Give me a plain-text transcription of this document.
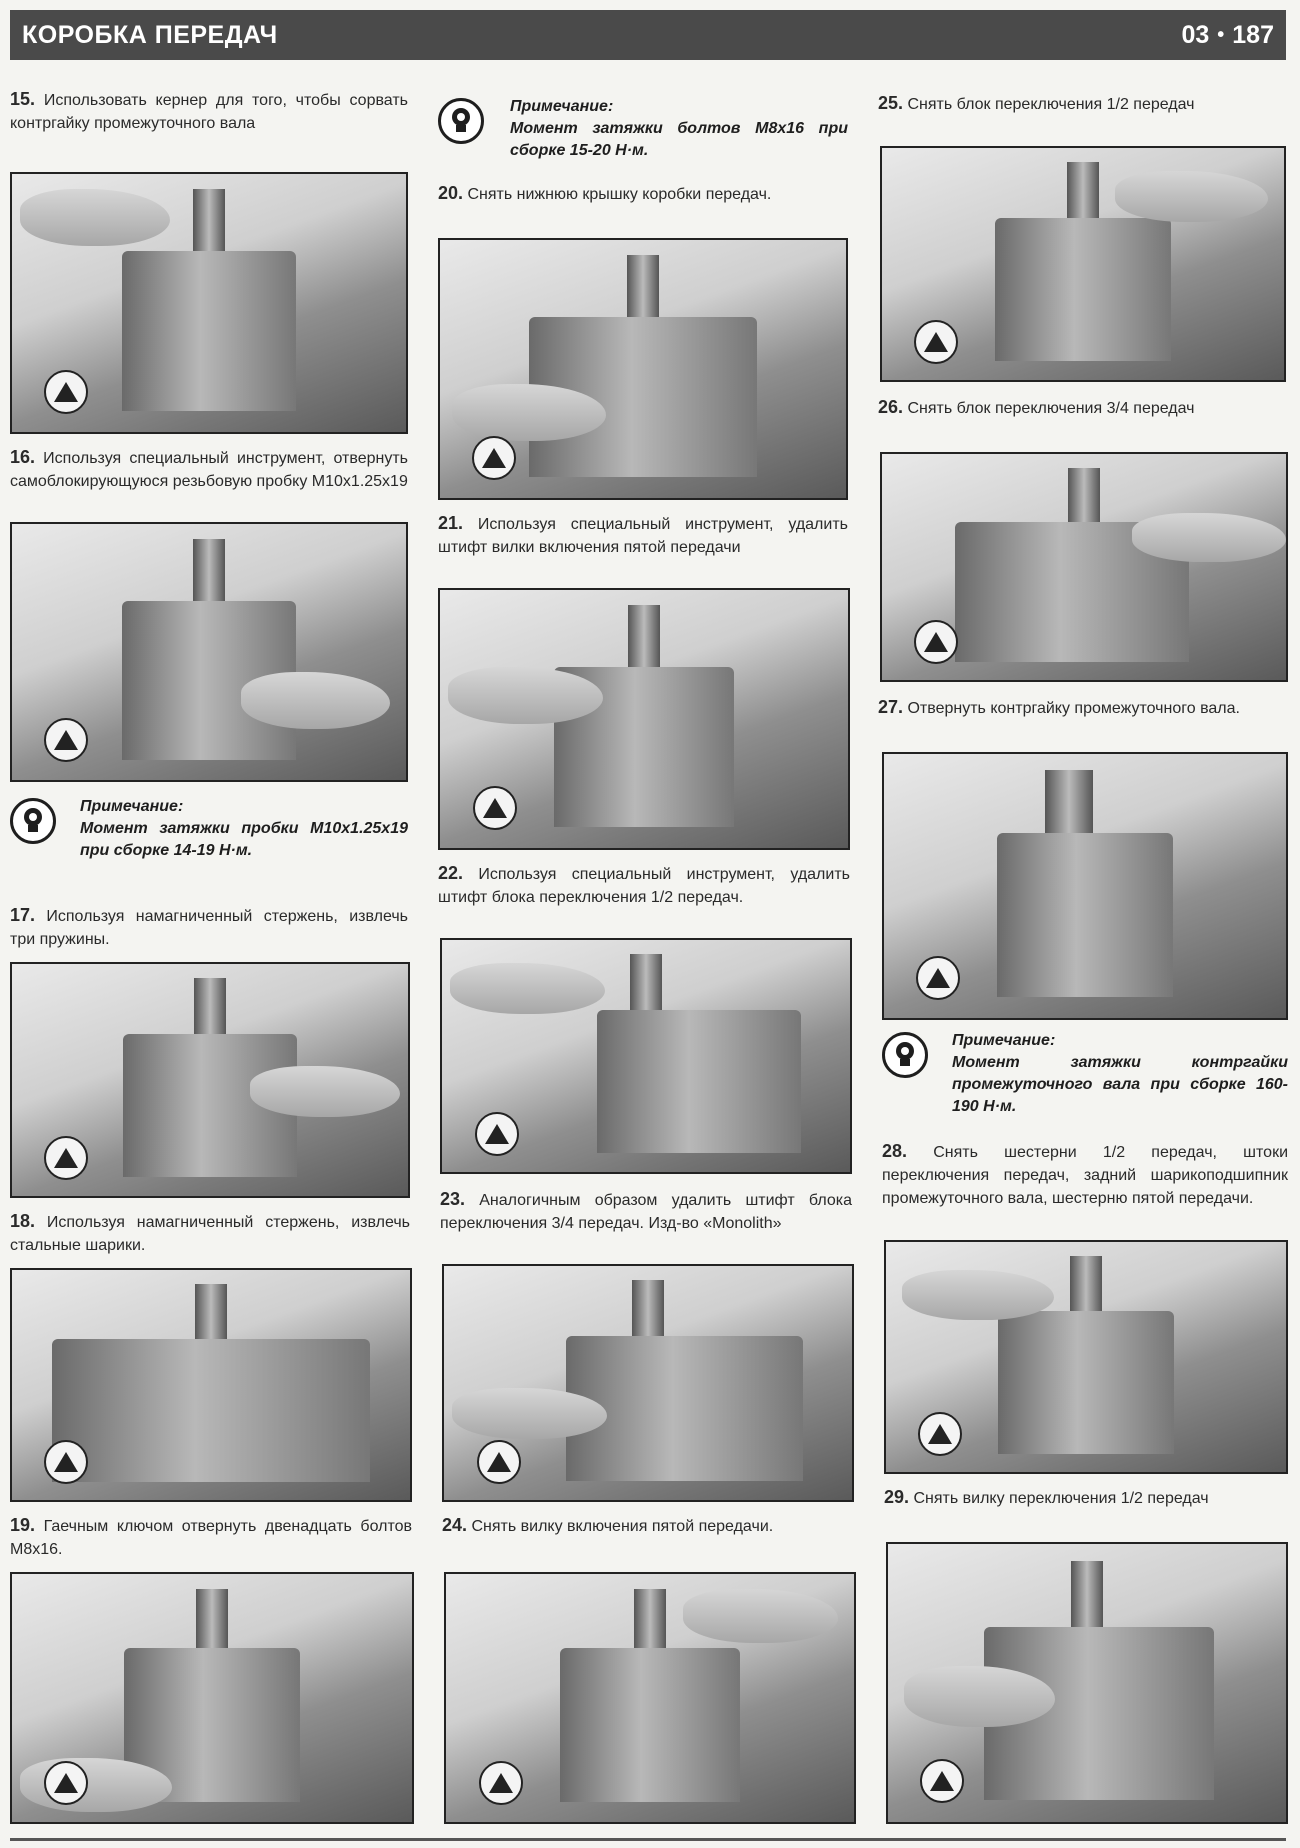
КОРОБКА ПЕРЕДАЧ	03 • 187
15. Использовать кернер для того, чтобы сорвать контргайку промежуточного вала
16. Используя специальный инструмент, отвернуть самоблокирующуюся резьбовую пробку М10х1.25х19
Примечание:
Момент затяжки пробки М10х1.25х19 при сборке 14-19 Н·м.
17. Используя намагниченный стержень, извлечь три пружины.
18. Используя намагниченный стержень, извлечь стальные шарики.
19. Гаечным ключом отвернуть двенадцать болтов М8х16.
Примечание:
Момент затяжки болтов М8х16 при сборке 15-20 Н·м.
20. Снять нижнюю крышку коробки передач.
21. Используя специальный инструмент, удалить штифт вилки включения пятой передачи
22. Используя специальный инструмент, удалить штифт блока переключения 1/2 передач.
23. Аналогичным образом удалить штифт блока переключения 3/4 передач. Изд-во «Monolith»
24. Снять вилку включения пятой передачи.
25. Снять блок переключения 1/2 передач
26. Снять блок переключения 3/4 передач
27. Отвернуть контргайку промежуточного вала.
Примечание:
Момент затяжки контргайки промежуточного вала при сборке 160-190 Н·м.
28. Снять шестерни 1/2 передач, штоки переключения передач, задний шарикоподшипник промежуточного вала, шестерню пятой передачи.
29. Снять вилку переключения 1/2 передач
